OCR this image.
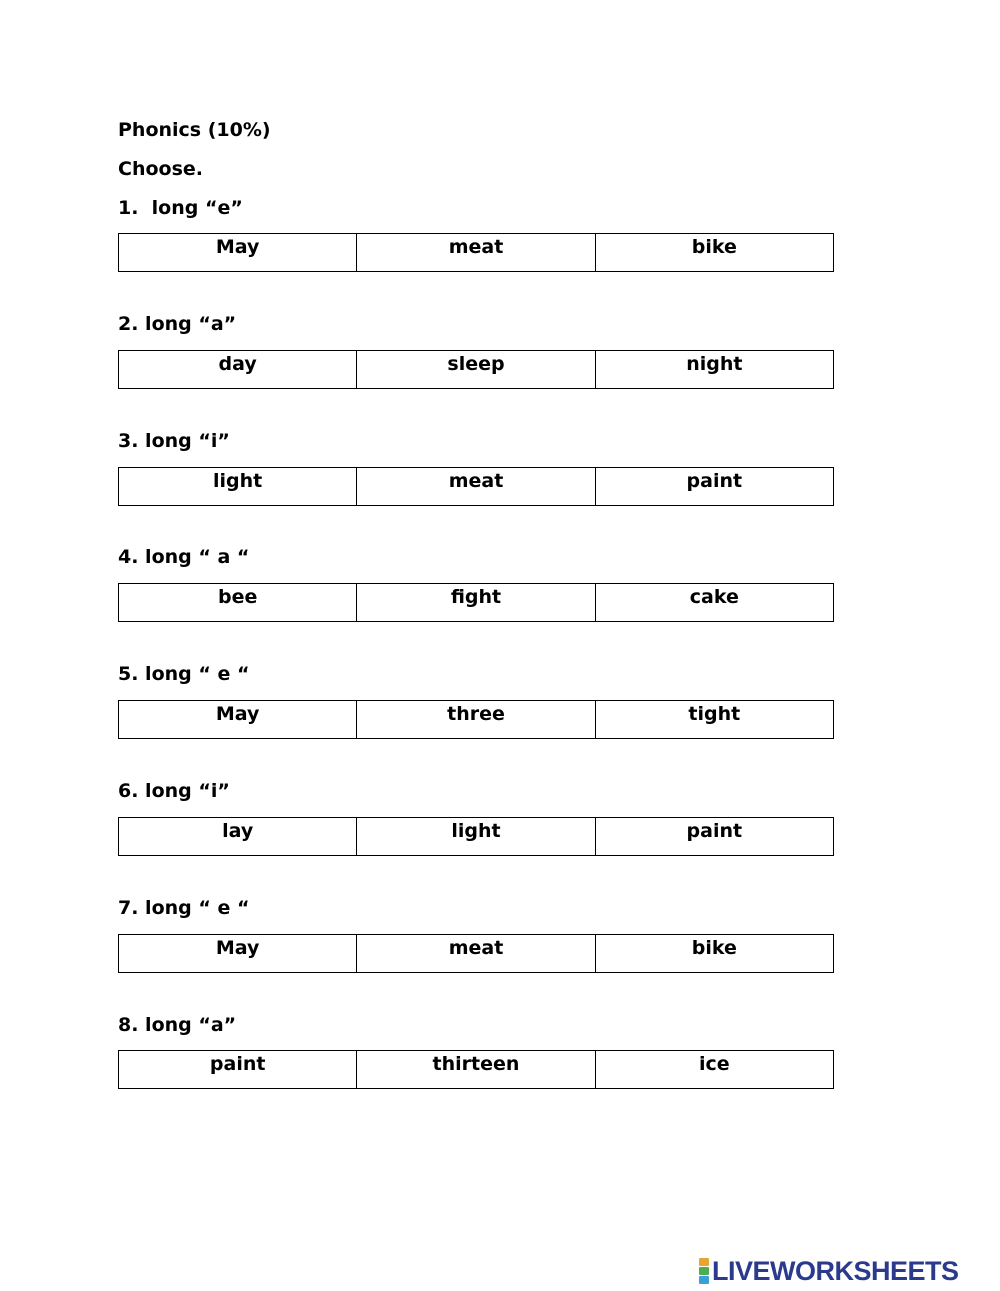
Phonics (10%)
Choose.
1.  long “e”
May	meat	bike
2. long “a”
day	sleep	night
3. long “i”
light	meat	paint
4. long “ a “
bee	fight	cake
5. long “ e “
May	three	tight
6. long “i”
lay	light	paint
7. long “ e “
May	meat	bike
8. long “a”
paint	thirteen	ice
LIVEWORKSHEETS
